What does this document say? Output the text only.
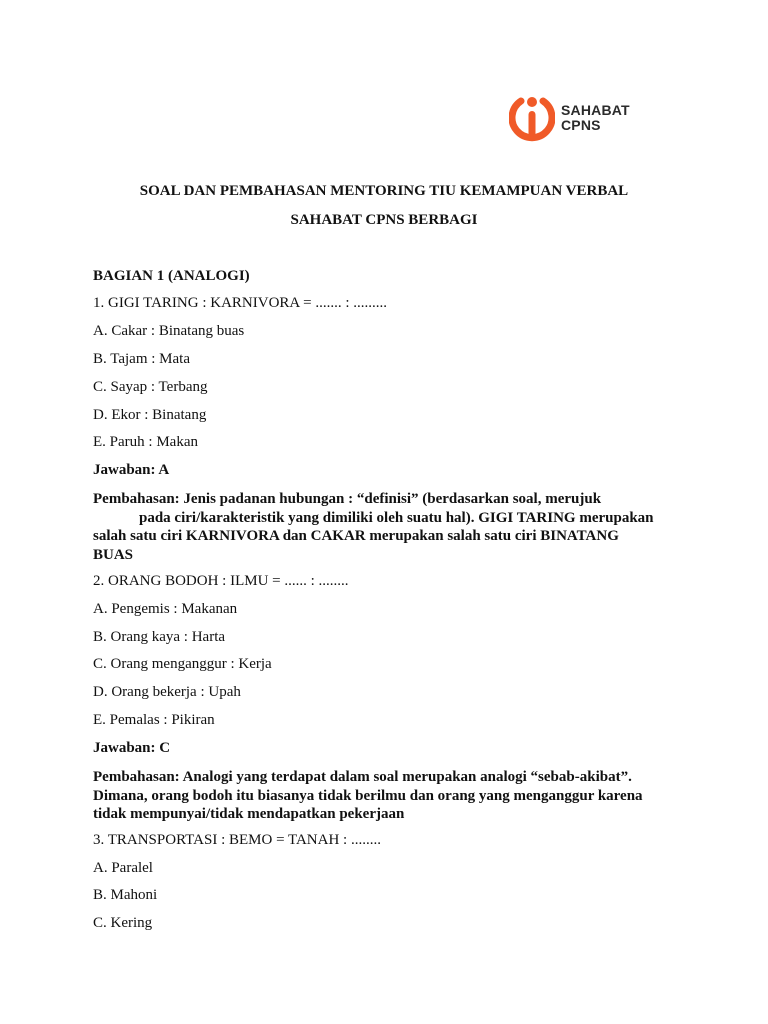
SAHABAT
CPNS
SOAL DAN PEMBAHASAN MENTORING TIU KEMAMPUAN VERBAL
SAHABAT CPNS BERBAGI
BAGIAN 1 (ANALOGI)
1. GIGI TARING : KARNIVORA = ....... : .........
A. Cakar : Binatang buas
B. Tajam : Mata
C. Sayap : Terbang
D. Ekor : Binatang
E. Paruh : Makan
Jawaban: A
Pembahasan: Jenis padanan hubungan : “definisi” (berdasarkan soal, merujuk
pada ciri/karakteristik yang dimiliki oleh suatu hal). GIGI TARING merupakan
salah satu ciri KARNIVORA dan CAKAR merupakan salah satu ciri BINATANG
BUAS
2. ORANG BODOH : ILMU = ...... : ........
A. Pengemis : Makanan
B. Orang kaya : Harta
C. Orang menganggur : Kerja
D. Orang bekerja : Upah
E. Pemalas : Pikiran
Jawaban: C
Pembahasan: Analogi yang terdapat dalam soal merupakan analogi “sebab-akibat”.
Dimana, orang bodoh itu biasanya tidak berilmu dan orang yang menganggur karena
tidak mempunyai/tidak mendapatkan pekerjaan
3. TRANSPORTASI : BEMO = TANAH : ........
A. Paralel
B. Mahoni
C. Kering
